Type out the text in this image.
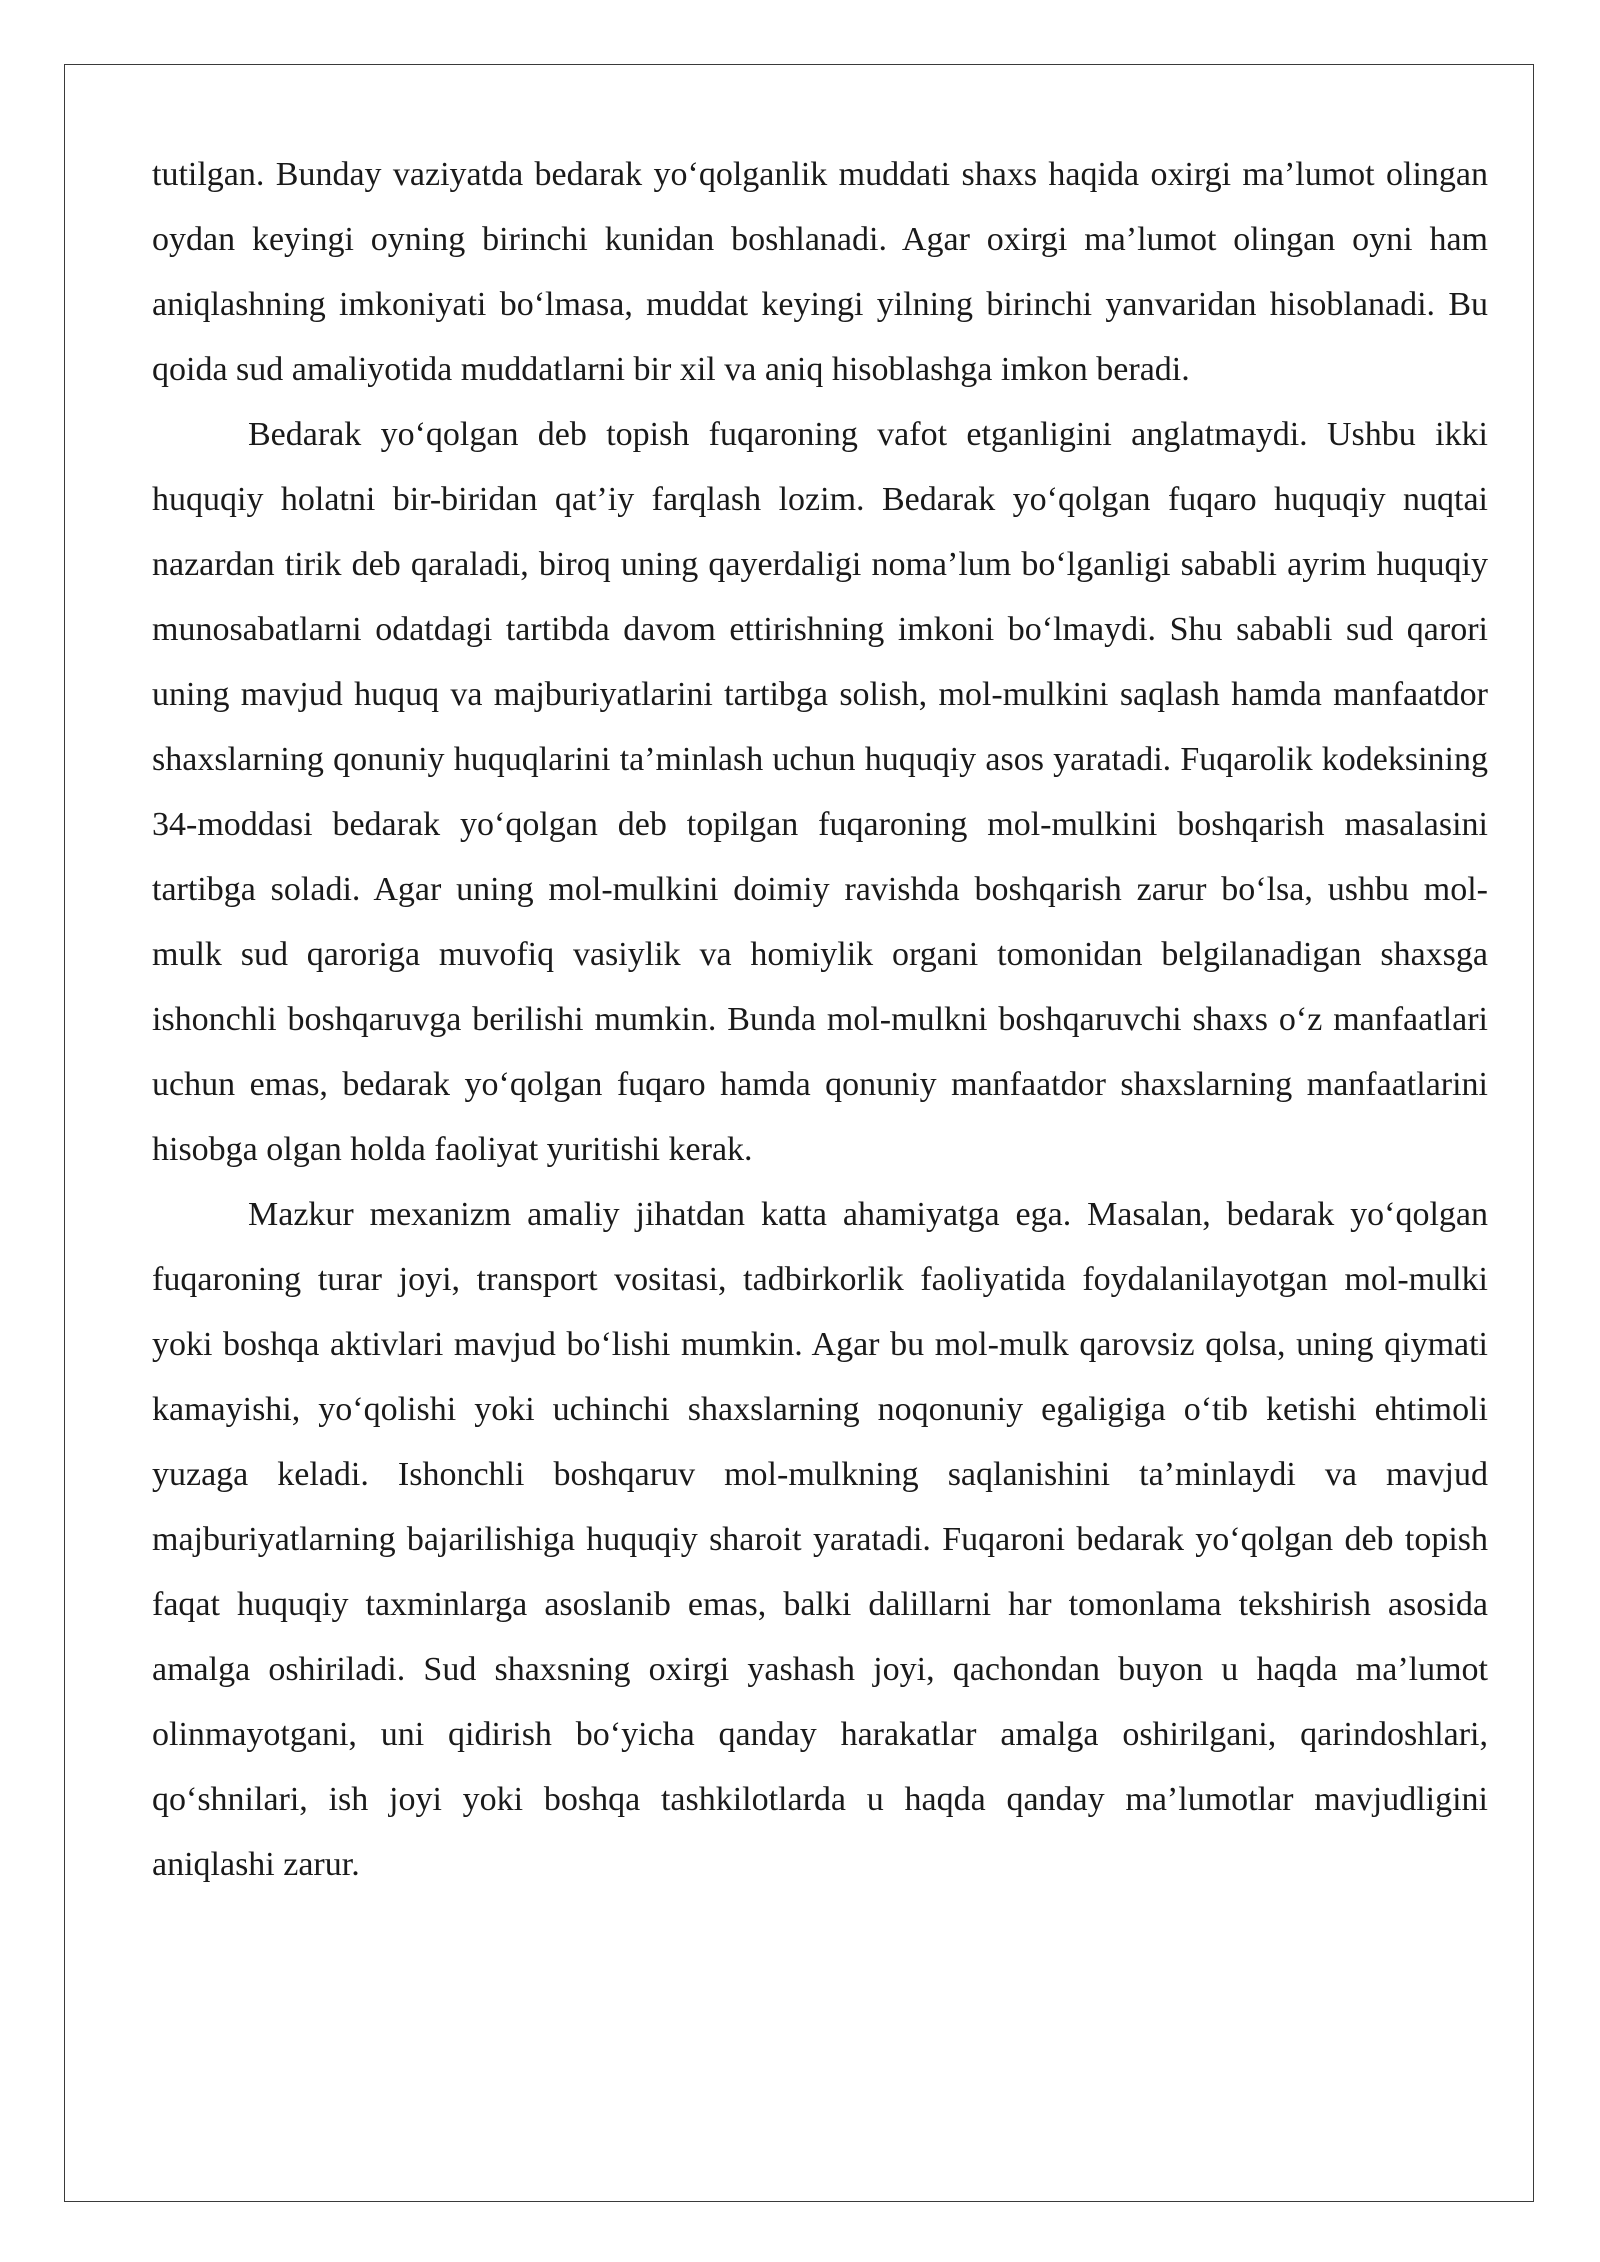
tutilgan. Bunday vaziyatda bedarak yo‘qolganlik muddati shaxs haqida oxirgi ma’lumot olingan oydan keyingi oyning birinchi kunidan boshlanadi. Agar oxirgi ma’lumot olingan oyni ham aniqlashning imkoniyati bo‘lmasa, muddat keyingi yilning birinchi yanvaridan hisoblanadi. Bu qoida sud amaliyotida muddatlarni bir xil va aniq hisoblashga imkon beradi.

Bedarak yo‘qolgan deb topish fuqaroning vafot etganligini anglatmaydi. Ushbu ikki huquqiy holatni bir-biridan qat’iy farqlash lozim. Bedarak yo‘qolgan fuqaro huquqiy nuqtai nazardan tirik deb qaraladi, biroq uning qayerdaligi noma’lum bo‘lganligi sababli ayrim huquqiy munosabatlarni odatdagi tartibda davom ettirishning imkoni bo‘lmaydi. Shu sababli sud qarori uning mavjud huquq va majburiyatlarini tartibga solish, mol-mulkini saqlash hamda manfaatdor shaxslarning qonuniy huquqlarini ta’minlash uchun huquqiy asos yaratadi. Fuqarolik kodeksining 34-moddasi bedarak yo‘qolgan deb topilgan fuqaroning mol-mulkini boshqarish masalasini tartibga soladi. Agar uning mol-mulkini doimiy ravishda boshqarish zarur bo‘lsa, ushbu mol-mulk sud qaroriga muvofiq vasiylik va homiylik organi tomonidan belgilanadigan shaxsga ishonchli boshqaruvga berilishi mumkin. Bunda mol-mulkni boshqaruvchi shaxs o‘z manfaatlari uchun emas, bedarak yo‘qolgan fuqaro hamda qonuniy manfaatdor shaxslarning manfaatlarini hisobga olgan holda faoliyat yuritishi kerak.

Mazkur mexanizm amaliy jihatdan katta ahamiyatga ega. Masalan, bedarak yo‘qolgan fuqaroning turar joyi, transport vositasi, tadbirkorlik faoliyatida foydalanilayotgan mol-mulki yoki boshqa aktivlari mavjud bo‘lishi mumkin. Agar bu mol-mulk qarovsiz qolsa, uning qiymati kamayishi, yo‘qolishi yoki uchinchi shaxslarning noqonuniy egaligiga o‘tib ketishi ehtimoli yuzaga keladi. Ishonchli boshqaruv mol-mulkning saqlanishini ta’minlaydi va mavjud majburiyatlarning bajarilishiga huquqiy sharoit yaratadi. Fuqaroni bedarak yo‘qolgan deb topish faqat huquqiy taxminlarga asoslanib emas, balki dalillarni har tomonlama tekshirish asosida amalga oshiriladi. Sud shaxsning oxirgi yashash joyi, qachondan buyon u haqda ma’lumot olinmayotgani, uni qidirish bo‘yicha qanday harakatlar amalga oshirilgani, qarindoshlari, qo‘shnilari, ish joyi yoki boshqa tashkilotlarda u haqda qanday ma’lumotlar mavjudligini aniqlashi zarur.
